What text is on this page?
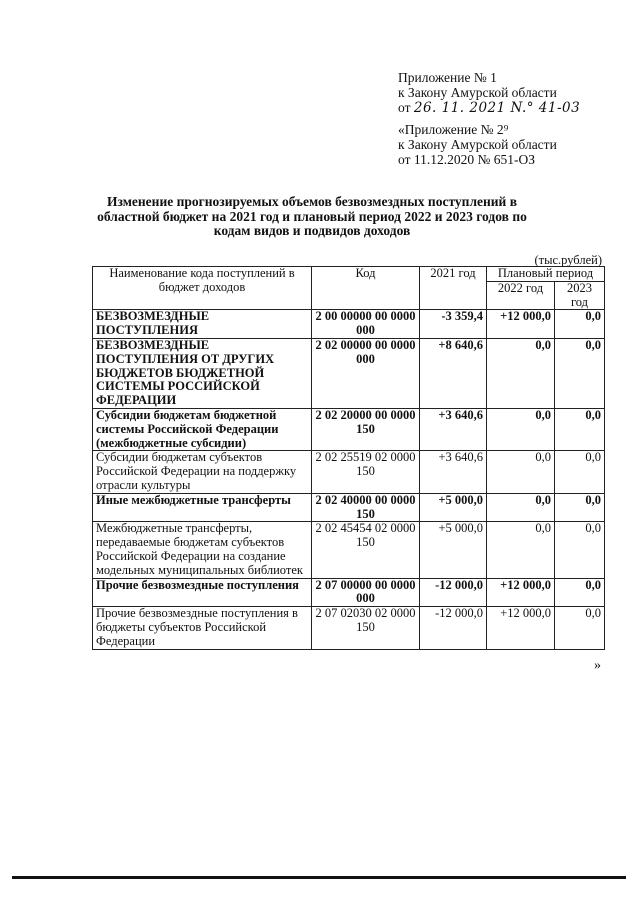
Приложение № 1
к Закону Амурской области
от 26. 11. 2021 N.° 41-03
«Приложение № 2⁹
к Закону Амурской области
от 11.12.2020 № 651-ОЗ
Изменение прогнозируемых объемов безвозмездных поступлений в областной бюджет на 2021 год и плановый период 2022 и 2023 годов по кодам видов и подвидов доходов
(тыс.рублей)
Наименование кода поступлений в бюджет доходов	Код	2021 год	Плановый период	
			2022 год	2023 год
БЕЗВОЗМЕЗДНЫЕ ПОСТУПЛЕНИЯ	2 00 00000 00 0000 000	-3 359,4	+12 000,0	0,0
БЕЗВОЗМЕЗДНЫЕ ПОСТУПЛЕНИЯ ОТ ДРУГИХ БЮДЖЕТОВ БЮДЖЕТНОЙ СИСТЕМЫ РОССИЙСКОЙ ФЕДЕРАЦИИ	2 02 00000 00 0000 000	+8 640,6	0,0	0,0
Субсидии бюджетам бюджетной системы Российской Федерации (межбюджетные субсидии)	2 02 20000 00 0000 150	+3 640,6	0,0	0,0
Субсидии бюджетам субъектов Российской Федерации на поддержку отрасли культуры	2 02 25519 02 0000 150	+3 640,6	0,0	0,0
Иные межбюджетные трансферты	2 02 40000 00 0000 150	+5 000,0	0,0	0,0
Межбюджетные трансферты, передаваемые бюджетам субъектов Российской Федерации на создание модельных муниципальных библиотек	2 02 45454 02 0000 150	+5 000,0	0,0	0,0
Прочие безвозмездные поступления	2 07 00000 00 0000 000	-12 000,0	+12 000,0	0,0
Прочие безвозмездные поступления в бюджеты субъектов Российской Федерации	2 07 02030 02 0000 150	-12 000,0	+12 000,0	0,0
»
